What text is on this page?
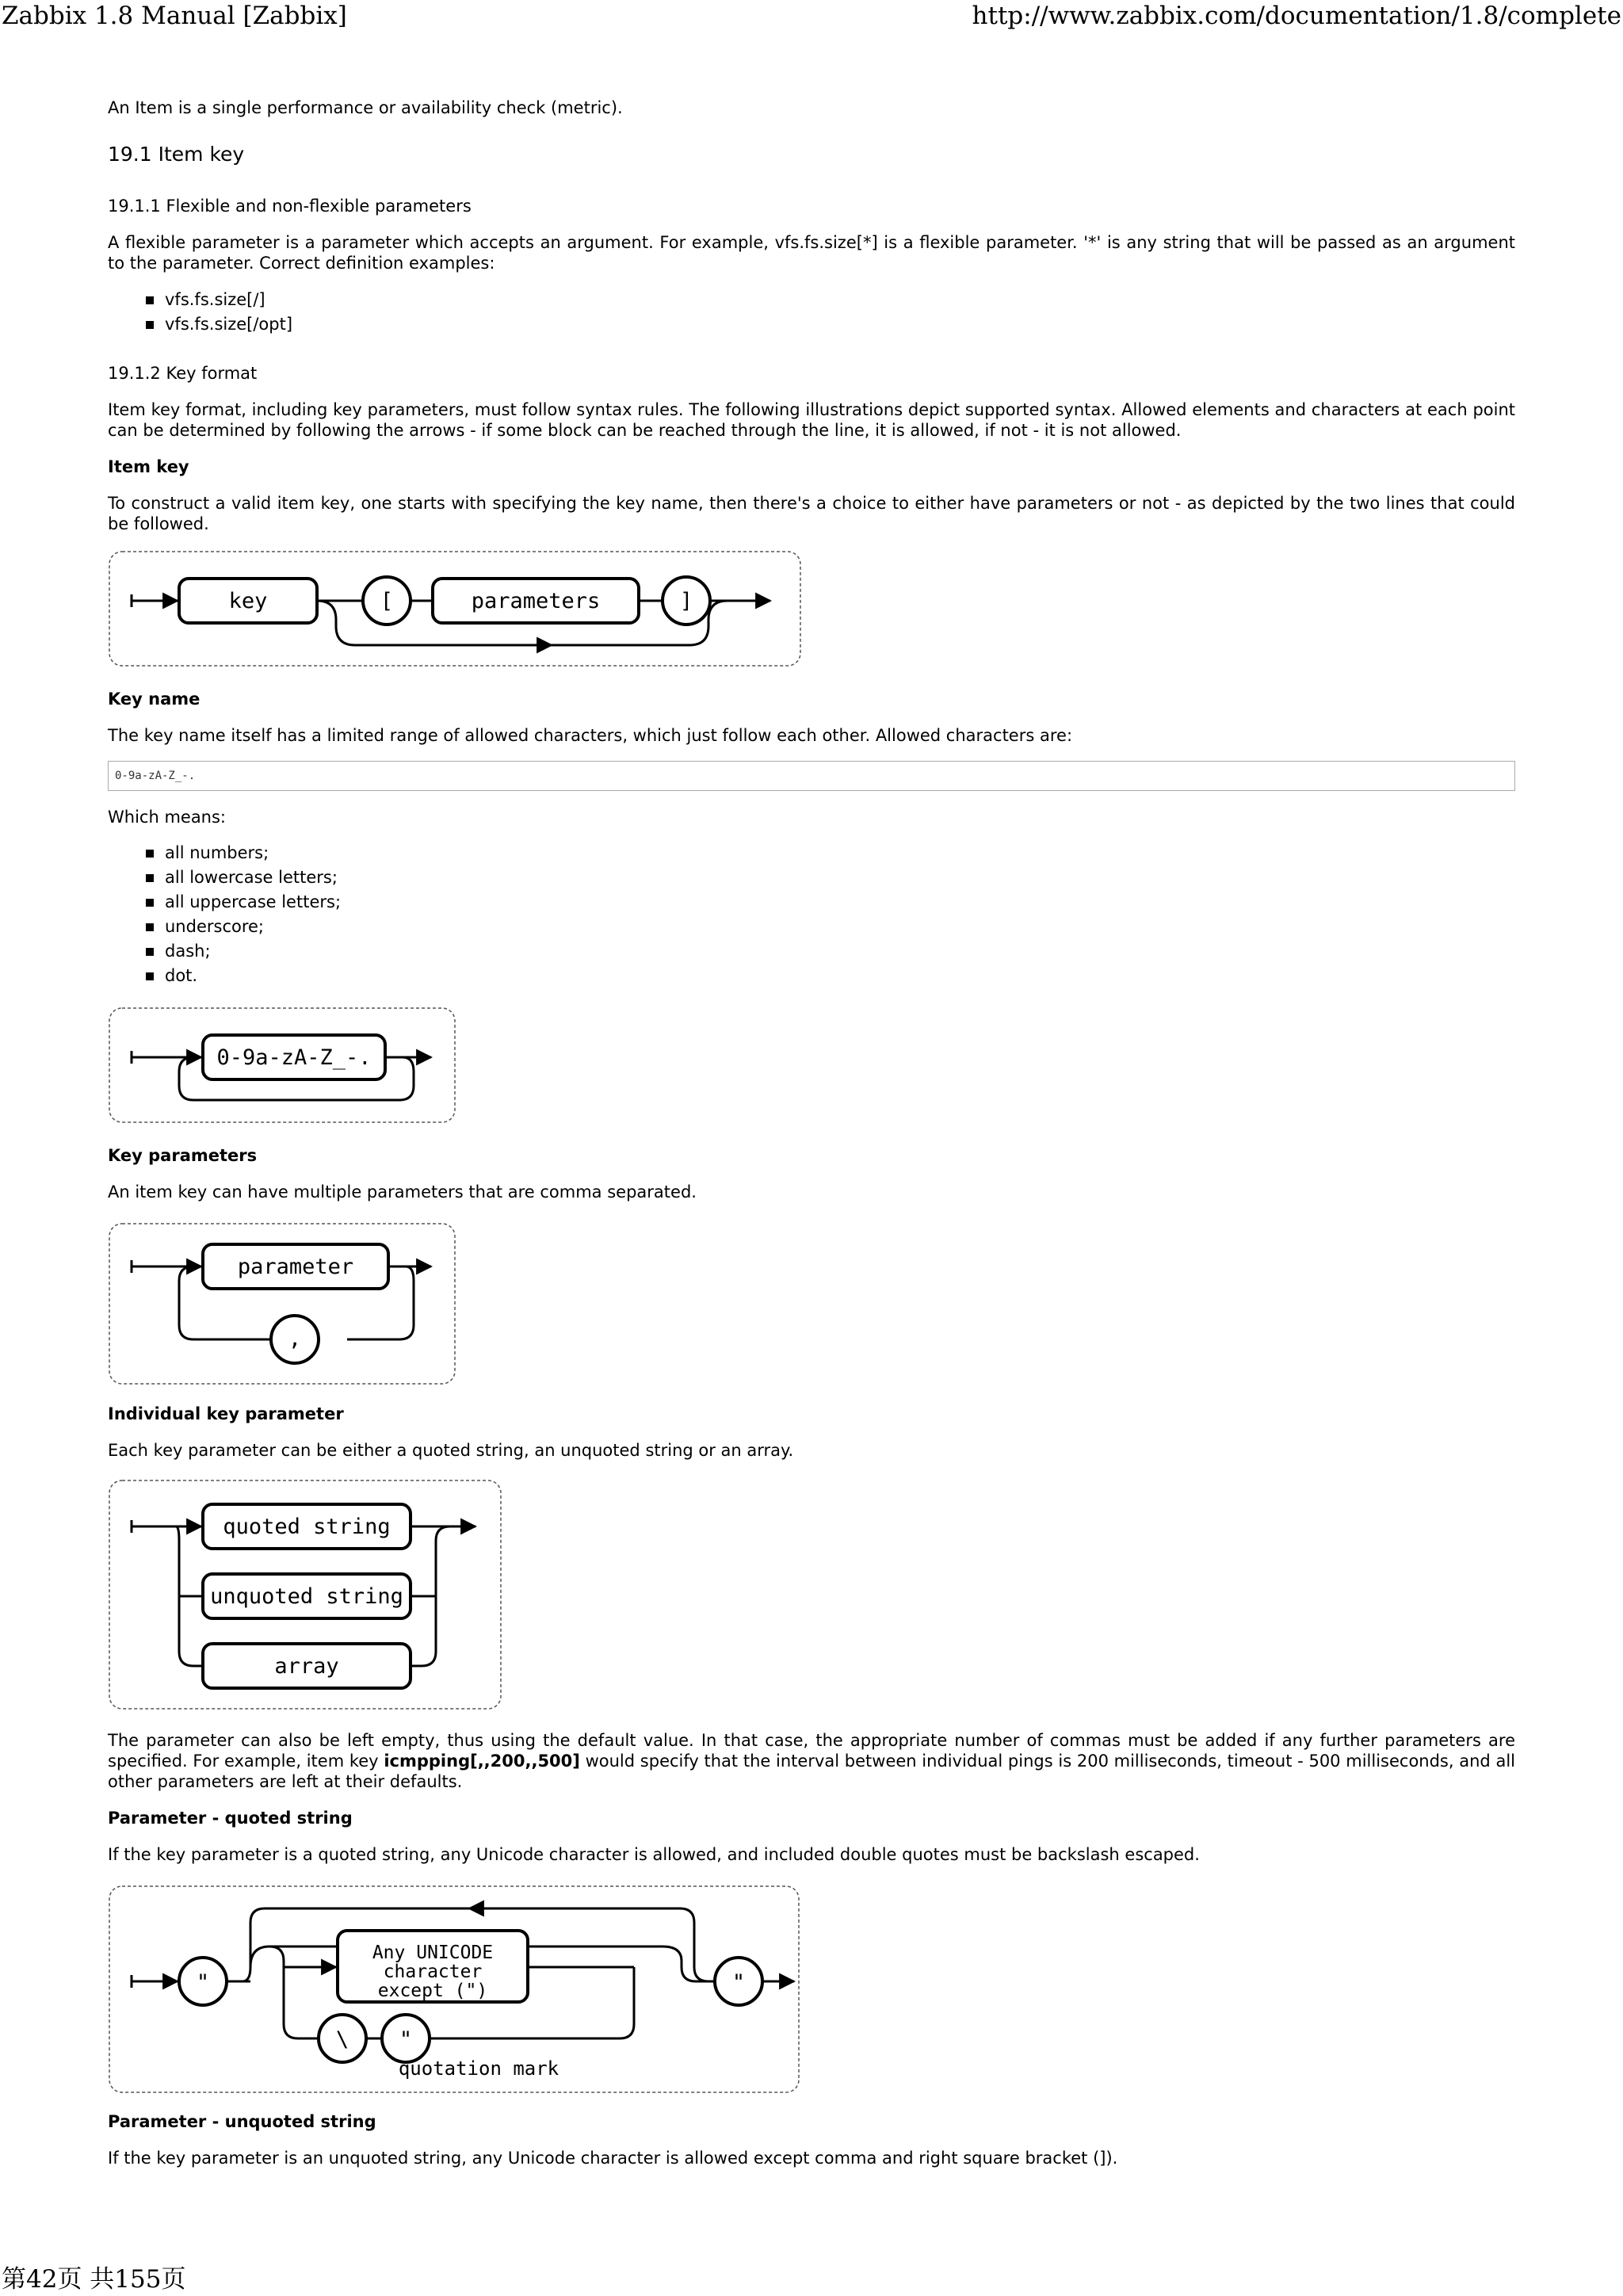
Zabbix 1.8 Manual [Zabbix]	http://www.zabbix.com/documentation/1.8/complete

An Item is a single performance or availability check (metric).

19.1 Item key

19.1.1 Flexible and non-flexible parameters

A flexible parameter is a parameter which accepts an argument. For example, vfs.fs.size[*] is a flexible parameter. '*' is any string that will be passed as an argument to the parameter. Correct definition examples:

vfs.fs.size[/]
vfs.fs.size[/opt]

19.1.2 Key format

Item key format, including key parameters, must follow syntax rules. The following illustrations depict supported syntax. Allowed elements and characters at each point can be determined by following the arrows - if some block can be reached through the line, it is allowed, if not - it is not allowed.

Item key

To construct a valid item key, one starts with specifying the key name, then there's a choice to either have parameters or not - as depicted by the two lines that could be followed.

key	[	parameters	]

Key name

The key name itself has a limited range of allowed characters, which just follow each other. Allowed characters are:

0-9a-zA-Z_-.

Which means:

all numbers;
all lowercase letters;
all uppercase letters;
underscore;
dash;
dot.
0-9a-zA-Z_-.

Key parameters

An item key can have multiple parameters that are comma separated.

parameter
,

Individual key parameter

Each key parameter can be either a quoted string, an unquoted string or an array.

quoted string
unquoted string
array

The parameter can also be left empty, thus using the default value. In that case, the appropriate number of commas must be added if any further parameters are specified. For example, item key icmpping[,,200,,500] would specify that the interval between individual pings is 200 milliseconds, timeout - 500 milliseconds, and all other parameters are left at their defaults.

Parameter - quoted string

If the key parameter is a quoted string, any Unicode character is allowed, and included double quotes must be backslash escaped.

"
Any UNICODE
character
except (")
\ "
quotation mark
"

Parameter - unquoted string

If the key parameter is an unquoted string, any Unicode character is allowed except comma and right square bracket (]).

第42页 共155页
